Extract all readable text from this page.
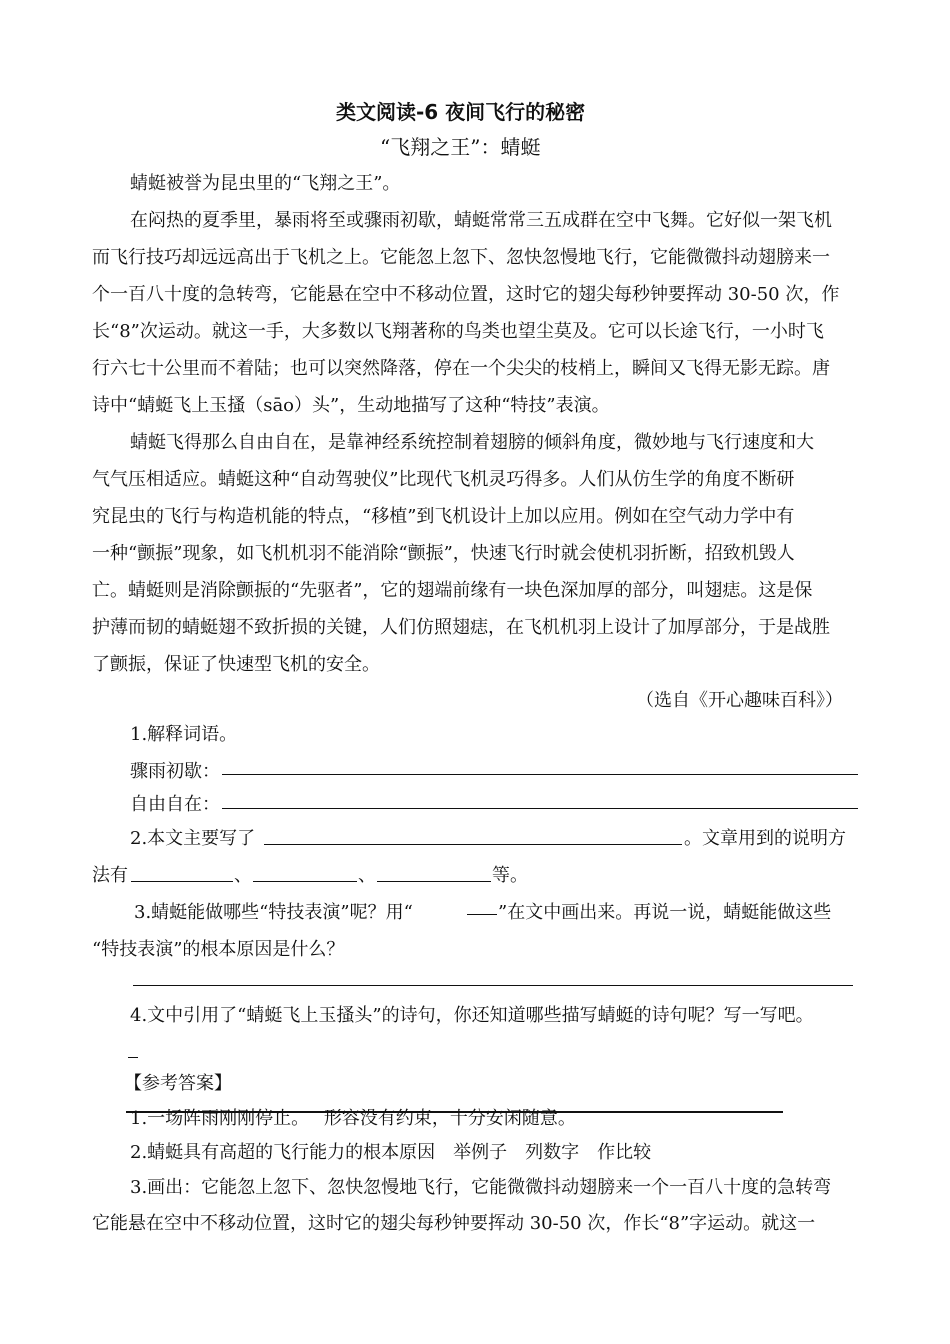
类文阅读-6 夜间飞行的秘密
“飞翔之王”：蜻蜓
蜻蜓被誉为昆虫里的“飞翔之王”。
在闷热的夏季里，暴雨将至或骤雨初歇，蜻蜓常常三五成群在空中飞舞。它好似一架飞机
而飞行技巧却远远高出于飞机之上。它能忽上忽下、忽快忽慢地飞行，它能微微抖动翅膀来一
个一百八十度的急转弯，它能悬在空中不移动位置，这时它的翅尖每秒钟要挥动 30-50 次，作
长“8”次运动。就这一手，大多数以飞翔著称的鸟类也望尘莫及。它可以长途飞行，一小时飞
行六七十公里而不着陆；也可以突然降落，停在一个尖尖的枝梢上，瞬间又飞得无影无踪。唐
诗中“蜻蜓飞上玉搔（sāo）头”，生动地描写了这种“特技”表演。
蜻蜓飞得那么自由自在，是靠神经系统控制着翅膀的倾斜角度，微妙地与飞行速度和大
气气压相适应。蜻蜓这种“自动驾驶仪”比现代飞机灵巧得多。人们从仿生学的角度不断研
究昆虫的飞行与构造机能的特点，“移植”到飞机设计上加以应用。例如在空气动力学中有
一种“颤振”现象，如飞机机羽不能消除“颤振”，快速飞行时就会使机羽折断，招致机毁人
亡。蜻蜓则是消除颤振的“先驱者”，它的翅端前缘有一块色深加厚的部分，叫翅痣。这是保
护薄而韧的蜻蜓翅不致折损的关键，人们仿照翅痣，在飞机机羽上设计了加厚部分，于是战胜
了颤振，保证了快速型飞机的安全。
（选自《开心趣味百科》）
1.解释词语。
骤雨初歇：
自由自在：
2.本文主要写了	。文章用到的说明方
法有	、	、	等。
3.蜻蜓能做哪些“特技表演”呢？用“	”在文中画出来。再说一说，蜻蜓能做这些
“特技表演”的根本原因是什么？
4.文中引用了“蜻蜓飞上玉搔头”的诗句，你还知道哪些描写蜻蜓的诗句呢？写一写吧。
【参考答案】
1.一场阵雨刚刚停止。　 形容没有约束，十分安闲随意。
2.蜻蜓具有高超的飞行能力的根本原因　举例子　列数字　作比较
3.画出：它能忽上忽下、忽快忽慢地飞行，它能微微抖动翅膀来一个一百八十度的急转弯
它能悬在空中不移动位置，这时它的翅尖每秒钟要挥动 30-50 次，作长“8”字运动。就这一
